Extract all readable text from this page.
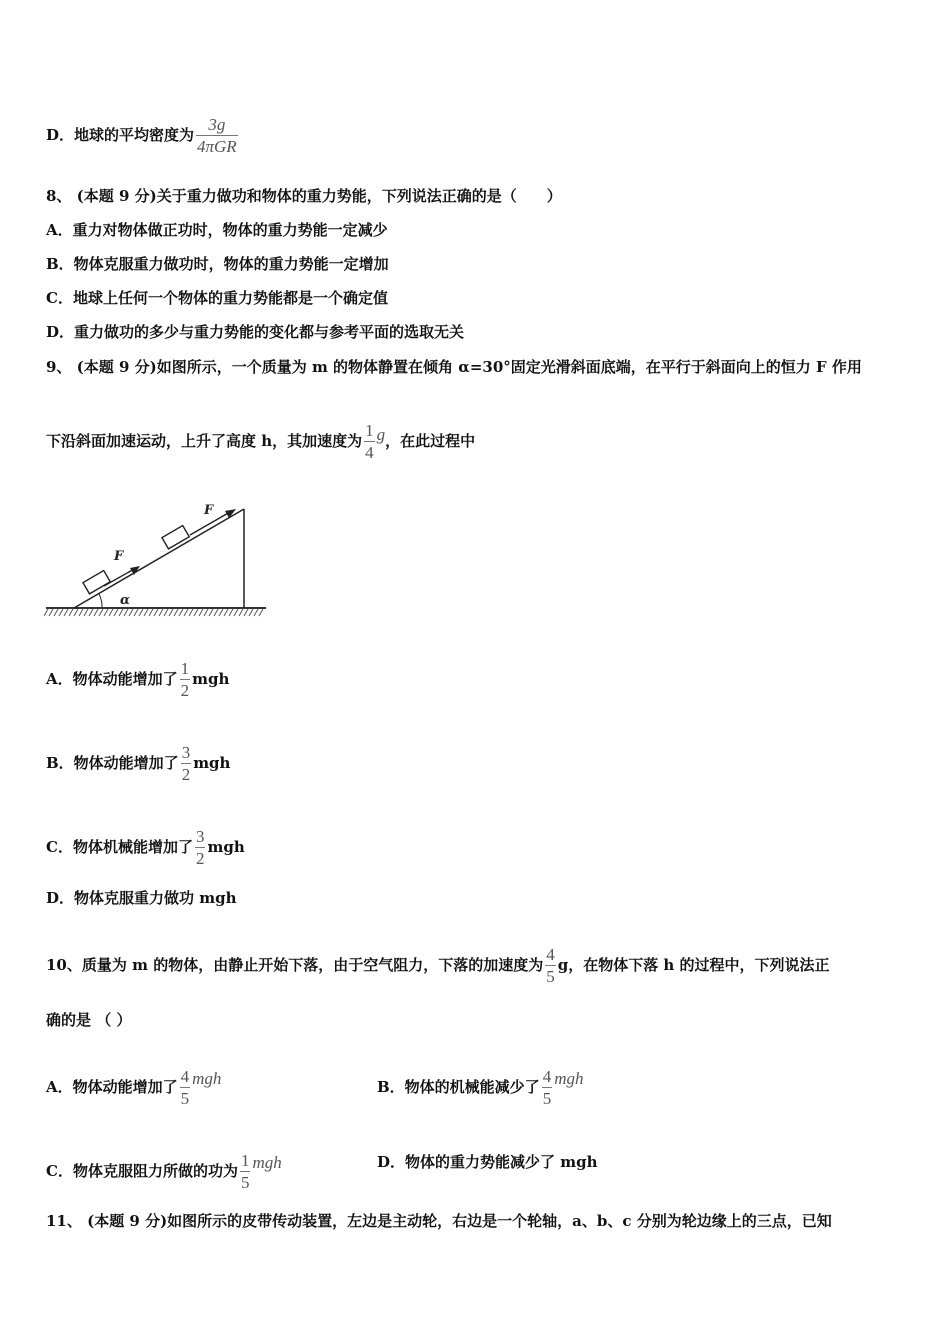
D．地球的平均密度为 $\frac{3g}{\text{4πGR}}$
8、 (本题 9 分)关于重力做功和物体的重力势能，下列说法正确的是（　　）
A．重力对物体做正功时，物体的重力势能一定减少
B．物体克服重力做功时，物体的重力势能一定增加
C．地球上任何一个物体的重力势能都是一个确定值
D．重力做功的多少与重力势能的变化都与参考平面的选取无关
9、 (本题 9 分)如图所示，一个质量为 m 的物体静置在倾角 α=30°固定光滑斜面底端，在平行于斜面向上的恒力 F 作用
下沿斜面加速运动，上升了高度 h，其加速度为 $\frac{1}{4}$ g，在此过程中
α
F
F
A．物体动能增加了 $\frac{1}{2}$ mgh
B．物体动能增加了 $\frac{3}{2}$ mgh
C．物体机械能增加了 $\frac{3}{2}$ mgh
D．物体克服重力做功 mgh
10、质量为 m 的物体，由静止开始下落，由于空气阻力，下落的加速度为 $\frac{4}{5}$ g，在物体下落 h 的过程中，下列说法正
确的是 （ ）
A．物体动能增加了 $\frac{4}{5}$ mgh	B．物体的机械能减少了 $\frac{4}{5}$ mgh
C．物体克服阻力所做的功为 $\frac{1}{5}$ mgh	D．物体的重力势能减少了 mgh
11、 (本题 9 分)如图所示的皮带传动装置，左边是主动轮，右边是一个轮轴，a、b、c 分别为轮边缘上的三点，已知
